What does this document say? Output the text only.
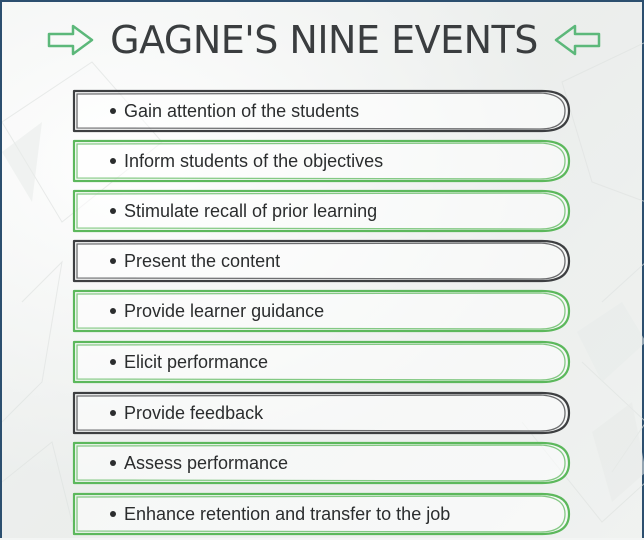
GAGNE'S NINE EVENTS
Gain attention of the students
Inform students of the objectives
Stimulate recall of prior learning
Present the content
Provide learner guidance
Elicit performance
Provide feedback
Assess performance
Enhance retention and transfer to the job
